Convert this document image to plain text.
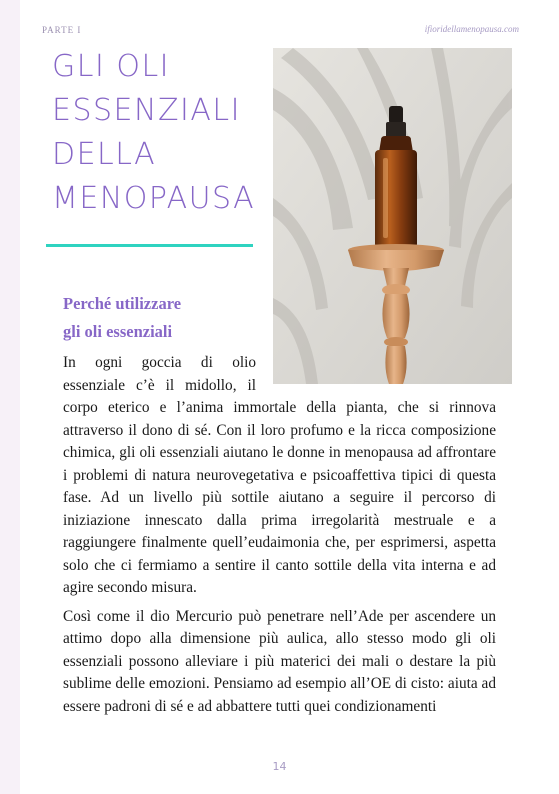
PARTE I	ifioridellamenopausa.com
GLI OLI
ESSENZIALI
DELLA
MENOPAUSA
Perché utilizzare
gli oli essenziali

In ogni goccia di olio essenziale c’è il midollo, il corpo eterico e l’anima immortale della pianta, che si rinnova attraverso il dono di sé. Con il loro profumo e la ricca composizione chimica, gli oli essenziali aiutano le donne in menopausa ad affrontare i problemi di natura neurovegetativa e psicoaffettiva tipici di questa fase. Ad un livello più sottile aiutano a seguire il percorso di iniziazione innescato dalla prima irregolarità mestruale e a raggiungere finalmente quell’eudaimonia che, per esprimersi, aspetta solo che ci fermiamo a sentire il canto sottile della vita interna e ad agire secondo misura.

Così come il dio Mercurio può penetrare nell’Ade per ascendere un attimo dopo alla dimensione più aulica, allo stesso modo gli oli essenziali possono alleviare i più materici dei mali o destare la più sublime delle emozioni. Pensiamo ad esempio all’OE di cisto: aiuta ad essere padroni di sé e ad abbattere tutti quei condizionamenti

14
